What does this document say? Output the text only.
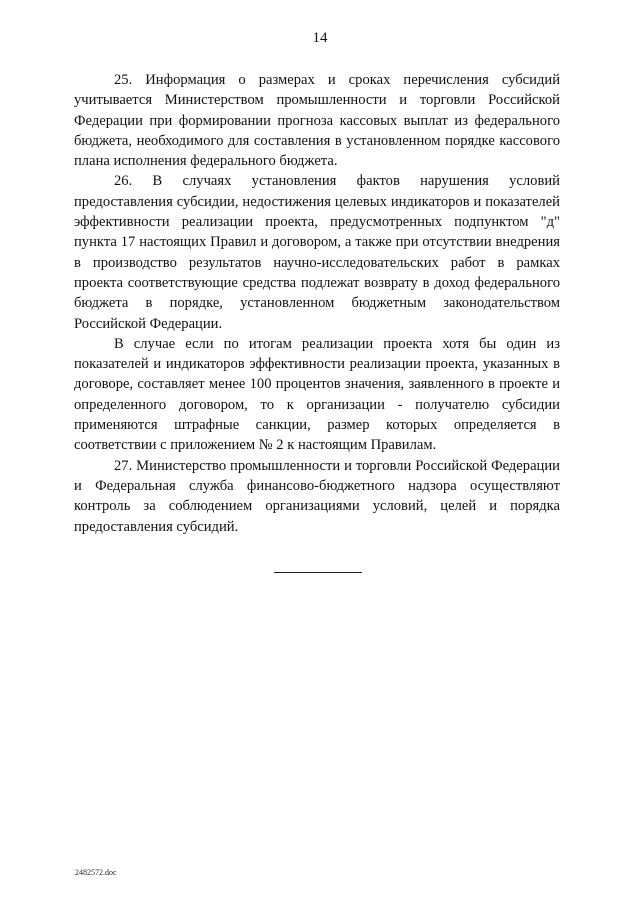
14

25. Информация о размерах и сроках перечисления субсидий учитывается Министерством промышленности и торговли Российской Федерации при формировании прогноза кассовых выплат из федерального бюджета, необходимого для составления в установленном порядке кассового плана исполнения федерального бюджета.

26. В случаях установления фактов нарушения условий предоставления субсидии, недостижения целевых индикаторов и показателей эффективности реализации проекта, предусмотренных подпунктом "д" пункта 17 настоящих Правил и договором, а также при отсутствии внедрения в производство результатов научно-исследовательских работ в рамках проекта соответствующие средства подлежат возврату в доход федерального бюджета в порядке, установленном бюджетным законодательством Российской Федерации.

В случае если по итогам реализации проекта хотя бы один из показателей и индикаторов эффективности реализации проекта, указанных в договоре, составляет менее 100 процентов значения, заявленного в проекте и определенного договором, то к организации - получателю субсидии применяются штрафные санкции, размер которых определяется в соответствии с приложением № 2 к настоящим Правилам.

27. Министерство промышленности и торговли Российской Федерации и Федеральная служба финансово-бюджетного надзора осуществляют контроль за соблюдением организациями условий, целей и порядка предоставления субсидий.

2482572.doc
